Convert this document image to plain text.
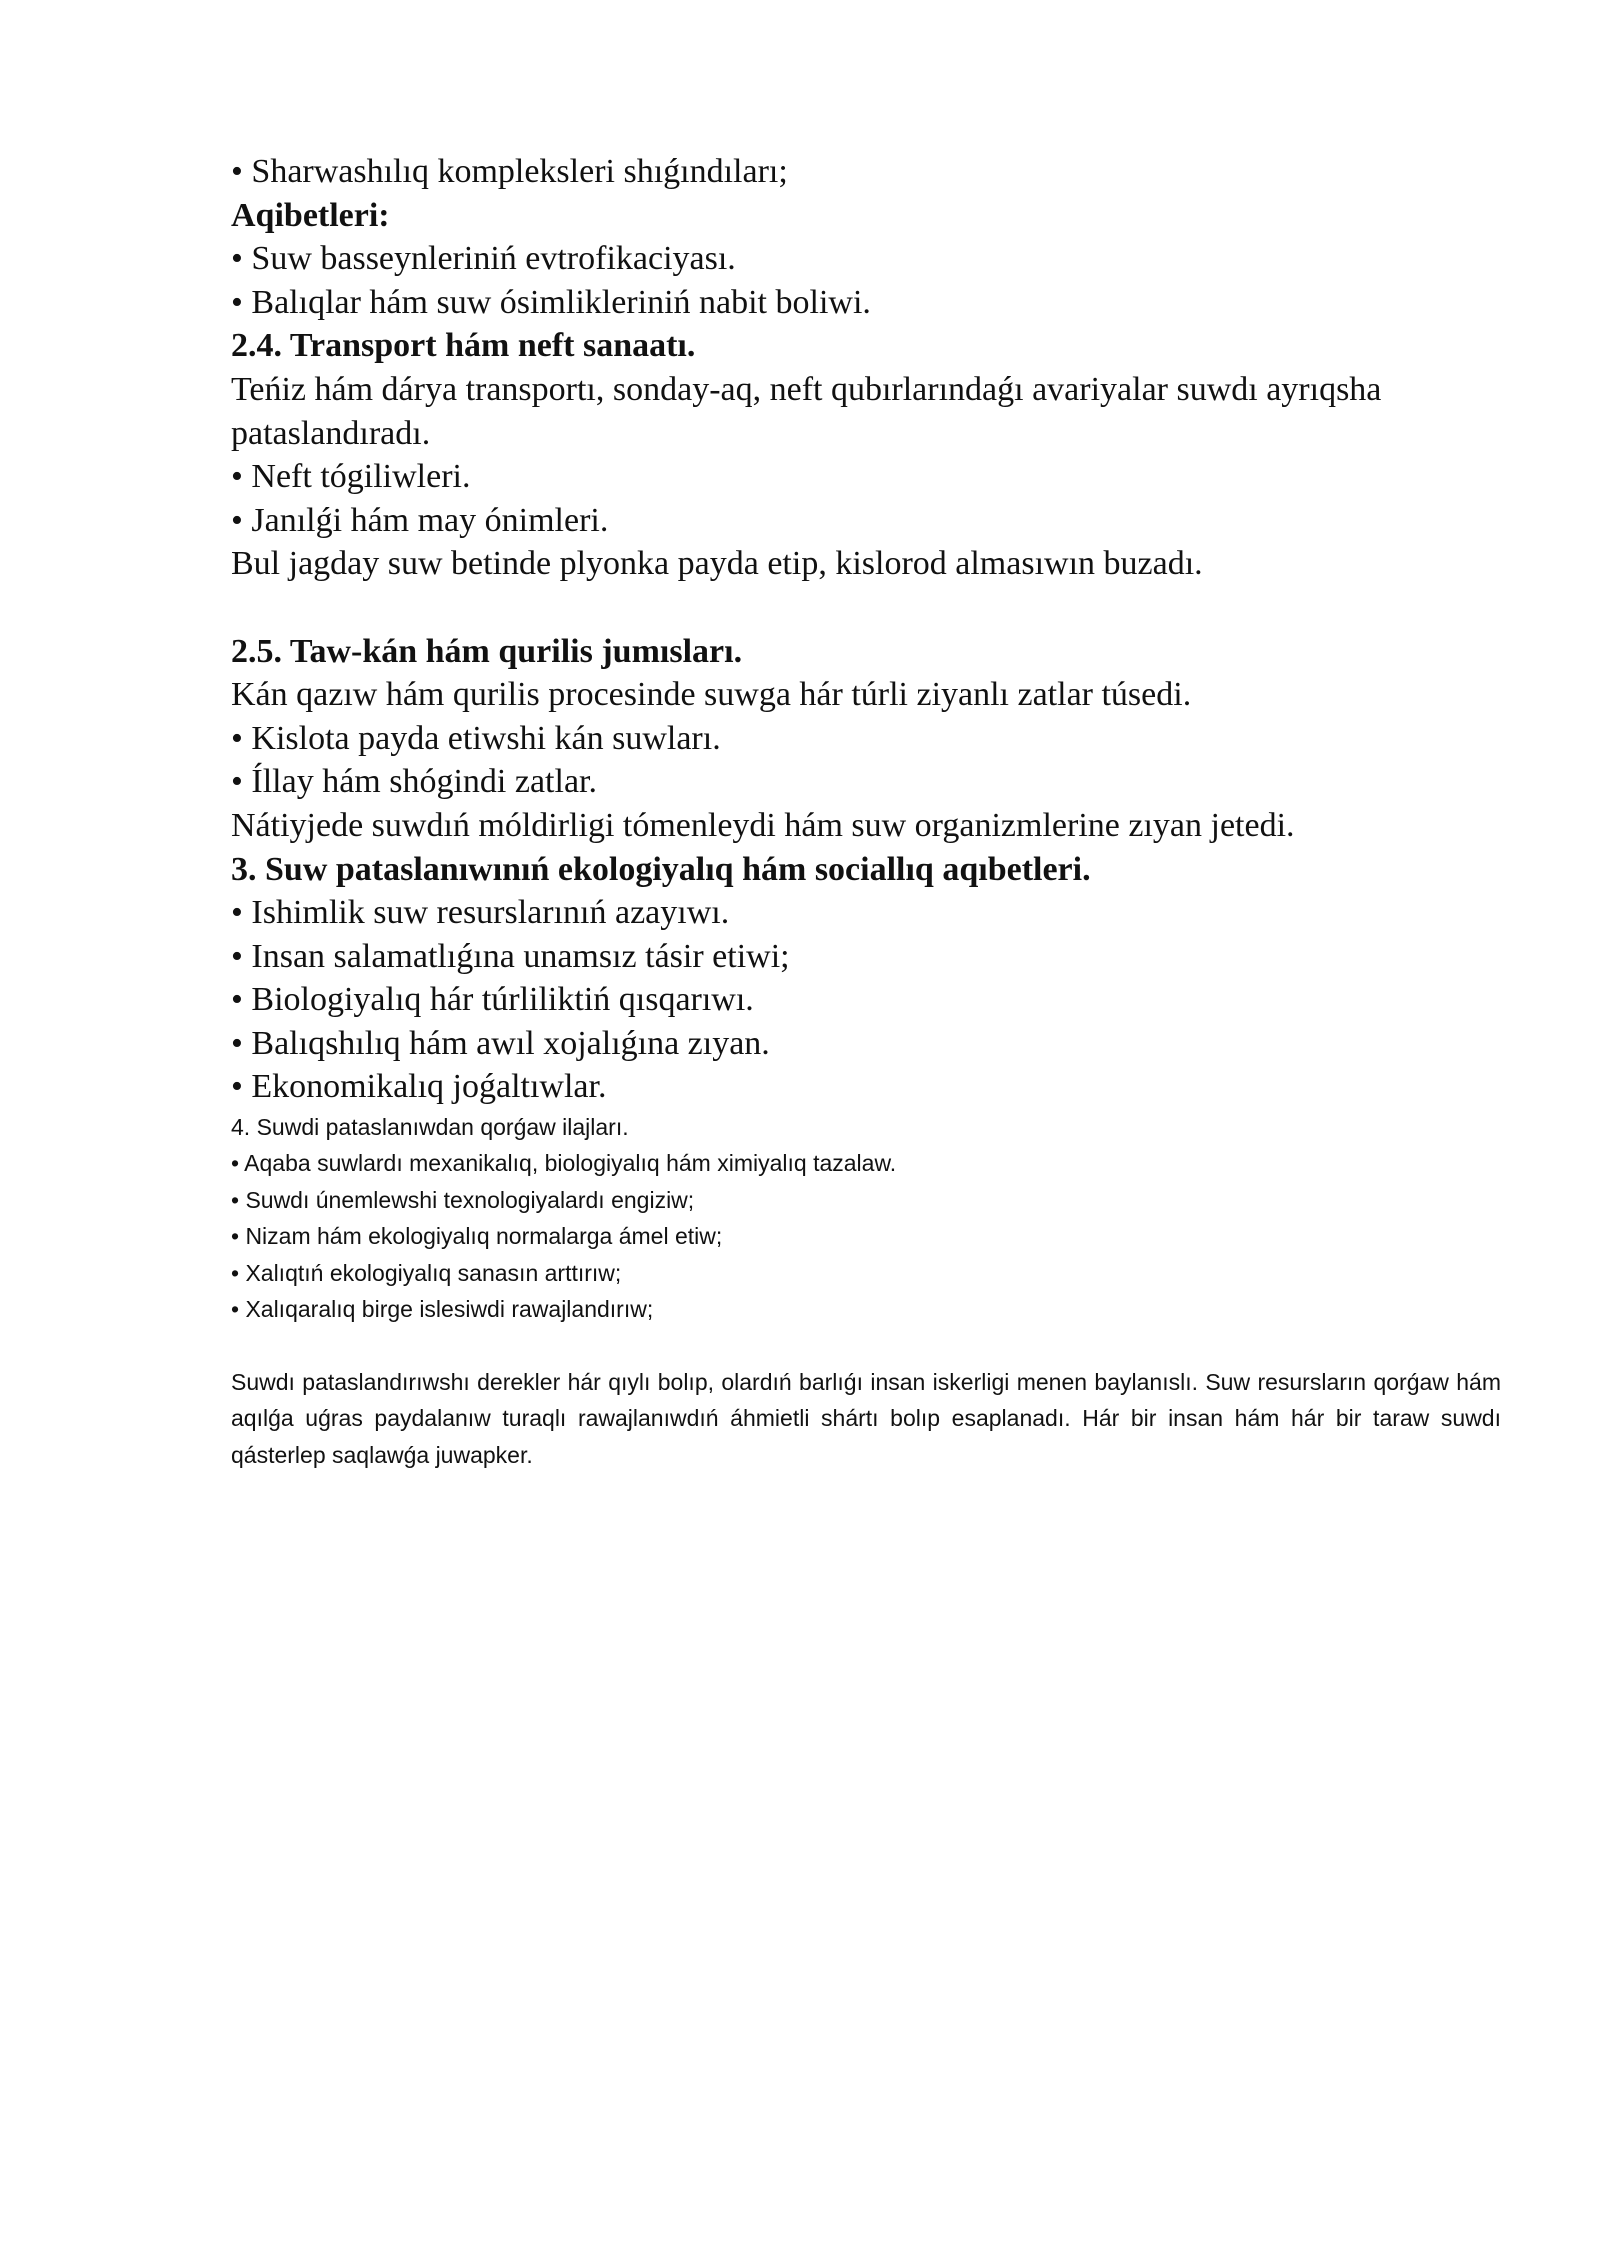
• Sharwashılıq kompleksleri shıǵındıları;

Aqibetleri:

• Suw basseynleriniń evtrofikaciyası.

• Balıqlar hám suw ósimlikleriniń nabit boliwi.

2.4. Transport hám neft sanaatı.

Teńiz hám dárya transportı, sonday-aq, neft qubırlarındaǵı avariyalar suwdı ayrıqsha pataslandıradı.

• Neft tógiliwleri.

• Janılǵi hám may ónimleri.

Bul jagday suw betinde plyonka payda etip, kislorod almasıwın buzadı.

2.5. Taw-kán hám qurilis jumısları.

Kán qazıw hám qurilis procesinde suwga hár túrli ziyanlı zatlar túsedi.

• Kislota payda etiwshi kán suwları.

• Íllay hám shógindi zatlar.

Nátiyjede suwdıń móldirligi tómenleydi hám suw organizmlerine zıyan jetedi.

3. Suw pataslanıwınıń ekologiyalıq hám sociallıq aqıbetleri.

• Ishimlik suw resurslarınıń azayıwı.

• Insan salamatlıǵına unamsız tásir etiwi;

• Biologiyalıq hár túrliliktiń qısqarıwı.

• Balıqshılıq hám awıl xojalıǵına zıyan.

• Ekonomikalıq joǵaltıwlar.

4. Suwdi pataslanıwdan qorǵaw ilajları.

• Aqaba suwlardı mexanikalıq, biologiyalıq hám ximiyalıq tazalaw.

• Suwdı únemlewshi texnologiyalardı engiziw;

• Nizam hám ekologiyalıq normalarga ámel etiw;

• Xalıqtıń ekologiyalıq sanasın arttırıw;

• Xalıqaralıq birge islesiwdi rawajlandırıw;

Suwdı pataslandırıwshı derekler hár qıylı bolıp, olardıń barlıǵı insan iskerligi menen baylanıslı. Suw resursların qorǵaw hám aqılǵa uǵras paydalanıw turaqlı rawajlanıwdıń áhmietli shártı bolıp esaplanadı. Hár bir insan hám hár bir taraw suwdı qásterlep saqlawǵa juwapker.
